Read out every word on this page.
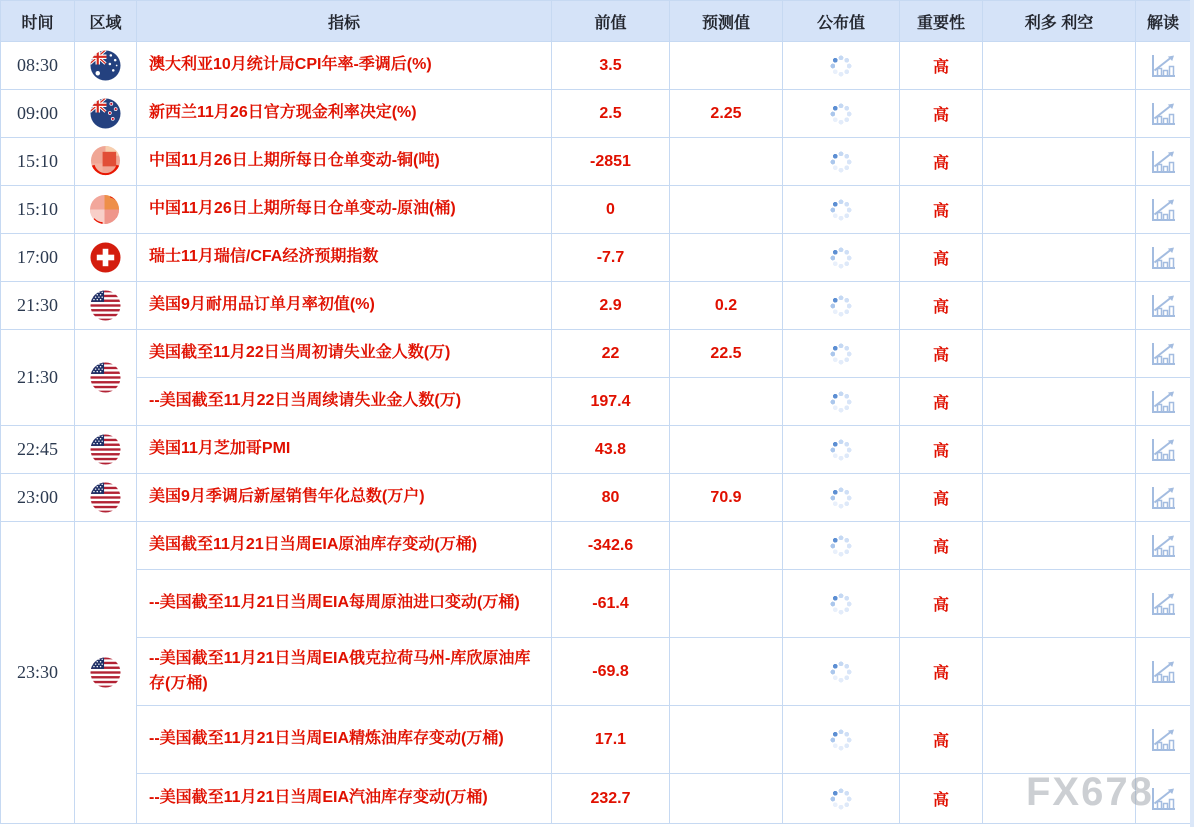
时间	区域	指标	前值	预测值	公布值	重要性	利多 利空	解读
08:30		澳大利亚10月统计局CPI年率-季调后(%)	3.5			高		

09:00		新西兰11月26日官方现金利率决定(%)	2.5	2.25		高		

15:10		中国11月26日上期所每日仓单变动-铜(吨)	-2851			高		

15:10		中国11月26日上期所每日仓单变动-原油(桶)	0			高		

17:00		瑞士11月瑞信/CFA经济预期指数	-7.7			高		

21:30		美国9月耐用品订单月率初值(%)	2.9	0.2		高		

21:30		美国截至11月22日当周初请失业金人数(万)	22	22.5		高		

		--美国截至11月22日当周续请失业金人数(万)	197.4			高		

22:45		美国11月芝加哥PMI	43.8			高		

23:00		美国9月季调后新屋销售年化总数(万户)	80	70.9		高		

23:30		美国截至11月21日当周EIA原油库存变动(万桶)	-342.6			高		

		--美国截至11月21日当周EIA每周原油进口变动(万桶)	-61.4			高		

		--美国截至11月21日当周EIA俄克拉荷马州-库欣原油库存(万桶)	-69.8			高		

		--美国截至11月21日当周EIA精炼油库存变动(万桶)	17.1			高		

		--美国截至11月21日当周EIA汽油库存变动(万桶)	232.7			高		FX678
